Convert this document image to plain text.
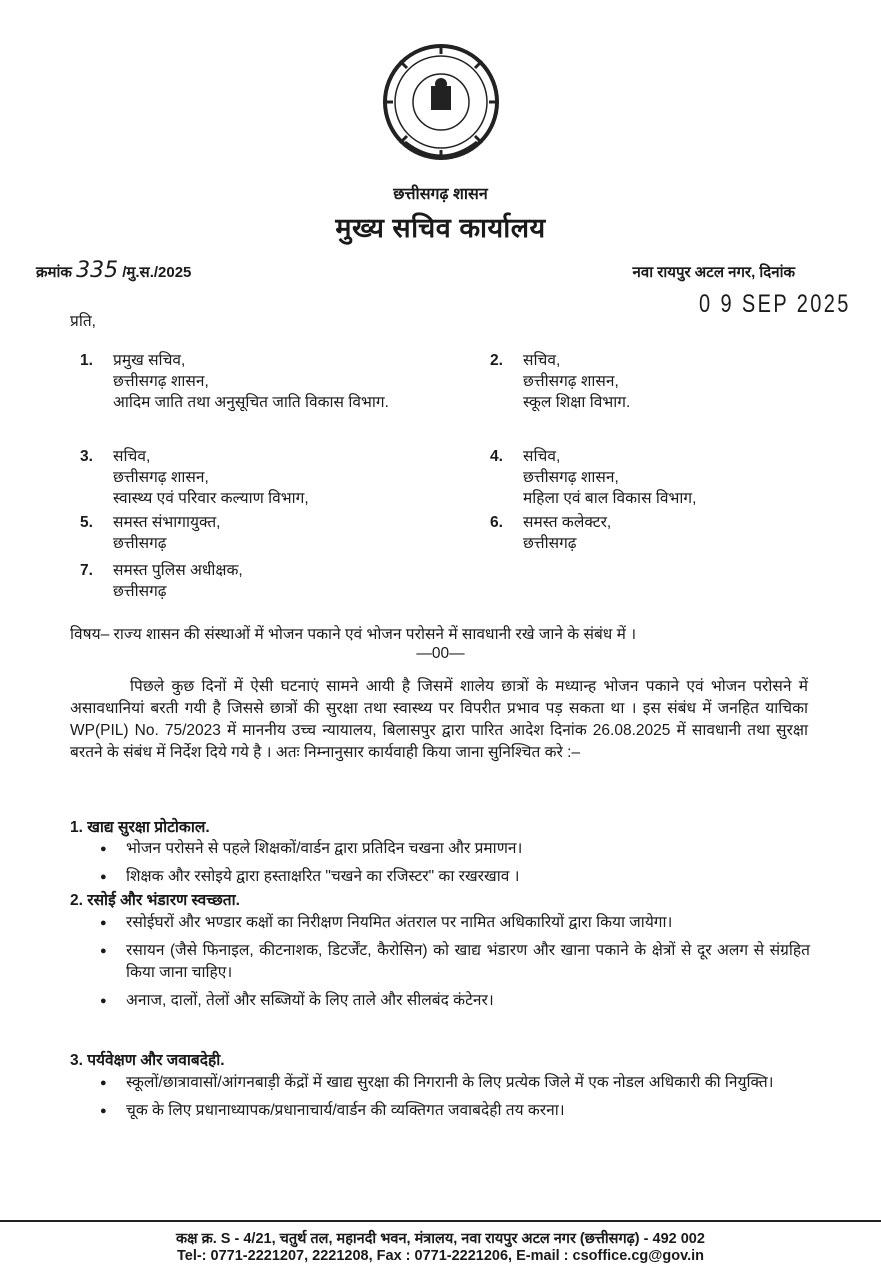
छत्तीसगढ़ शासन
मुख्य सचिव कार्यालय
क्रमांक 335 /मु.स./2025	नवा रायपुर अटल नगर, दिनांक
0 9 SEP 2025
प्रति,
1. प्रमुख सचिव,
छत्तीसगढ़ शासन,
आदिम जाति तथा अनुसूचित जाति विकास विभाग.
2. सचिव,
छत्तीसगढ़ शासन,
स्कूल शिक्षा विभाग.
3. सचिव,
छत्तीसगढ़ शासन,
स्वास्थ्य एवं परिवार कल्याण विभाग,
4. सचिव,
छत्तीसगढ़ शासन,
महिला एवं बाल विकास विभाग,
5. समस्त संभागायुक्त,
छत्तीसगढ़
6. समस्त कलेक्टर,
छत्तीसगढ़
7. समस्त पुलिस अधीक्षक,
छत्तीसगढ़
विषय– राज्य शासन की संस्थाओं में भोजन पकाने एवं भोजन परोसने में सावधानी रखे जाने के संबंध में ।
—00—
पिछले कुछ दिनों में ऐसी घटनाएं सामने आयी है जिसमें शालेय छात्रों के मध्यान्ह भोजन पकाने एवं भोजन परोसने में असावधानियां बरती गयी है जिससे छात्रों की सुरक्षा तथा स्वास्थ्य पर विपरीत प्रभाव पड़ सकता था । इस संबंध में जनहित याचिका WP(PIL) No. 75/2023 में माननीय उच्च न्यायालय, बिलासपुर द्वारा पारित आदेश दिनांक 26.08.2025 में सावधानी तथा सुरक्षा बरतने के संबंध में निर्देश दिये गये है । अतः निम्नानुसार कार्यवाही किया जाना सुनिश्चित करे :–
1. खाद्य सुरक्षा प्रोटोकाल.
● भोजन परोसने से पहले शिक्षकों/वार्डन द्वारा प्रतिदिन चखना और प्रमाणन।
● शिक्षक और रसोइये द्वारा हस्ताक्षरित "चखने का रजिस्टर" का रखरखाव ।
2. रसोई और भंडारण स्वच्छता.
● रसोईघरों और भण्डार कक्षों का निरीक्षण नियमित अंतराल पर नामित अधिकारियों द्वारा किया जायेगा।
● रसायन (जैसे फिनाइल, कीटनाशक, डिटर्जेंट, कैरोसिन) को खाद्य भंडारण और खाना पकाने के क्षेत्रों से दूर अलग से संग्रहित किया जाना चाहिए।
● अनाज, दालों, तेलों और सब्जियों के लिए ताले और सीलबंद कंटेनर।
3. पर्यवेक्षण और जवाबदेही.
● स्कूलों/छात्रावासों/आंगनबाड़ी केंद्रों में खाद्य सुरक्षा की निगरानी के लिए प्रत्येक जिले में एक नोडल अधिकारी की नियुक्ति।
● चूक के लिए प्रधानाध्यापक/प्रधानाचार्य/वार्डन की व्यक्तिगत जवाबदेही तय करना।
कक्ष क्र. S - 4/21, चतुर्थ तल, महानदी भवन, मंत्रालय, नवा रायपुर अटल नगर (छत्तीसगढ़) - 492 002
Tel-: 0771-2221207, 2221208, Fax : 0771-2221206, E-mail : csoffice.cg@gov.in
